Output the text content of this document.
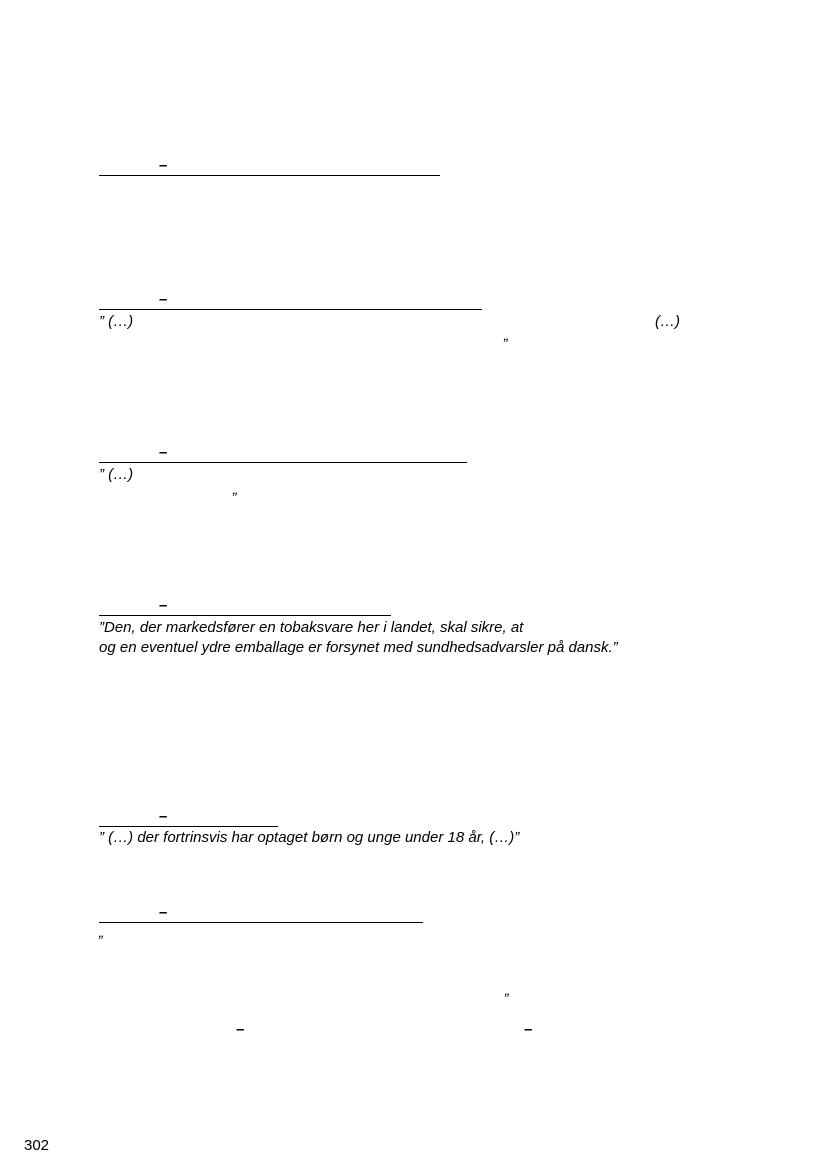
–
–
” (…)	(…)
„
–
” (…)
„
–
”Den, der markedsfører en tobaksvare her i landet, skal sikre, at
og en eventuel ydre emballage er forsynet med sundhedsadvarsler på dansk.”
–
” (…) der fortrinsvis har optaget børn og unge under 18 år, (…)”
–
„
„
–	–
302
